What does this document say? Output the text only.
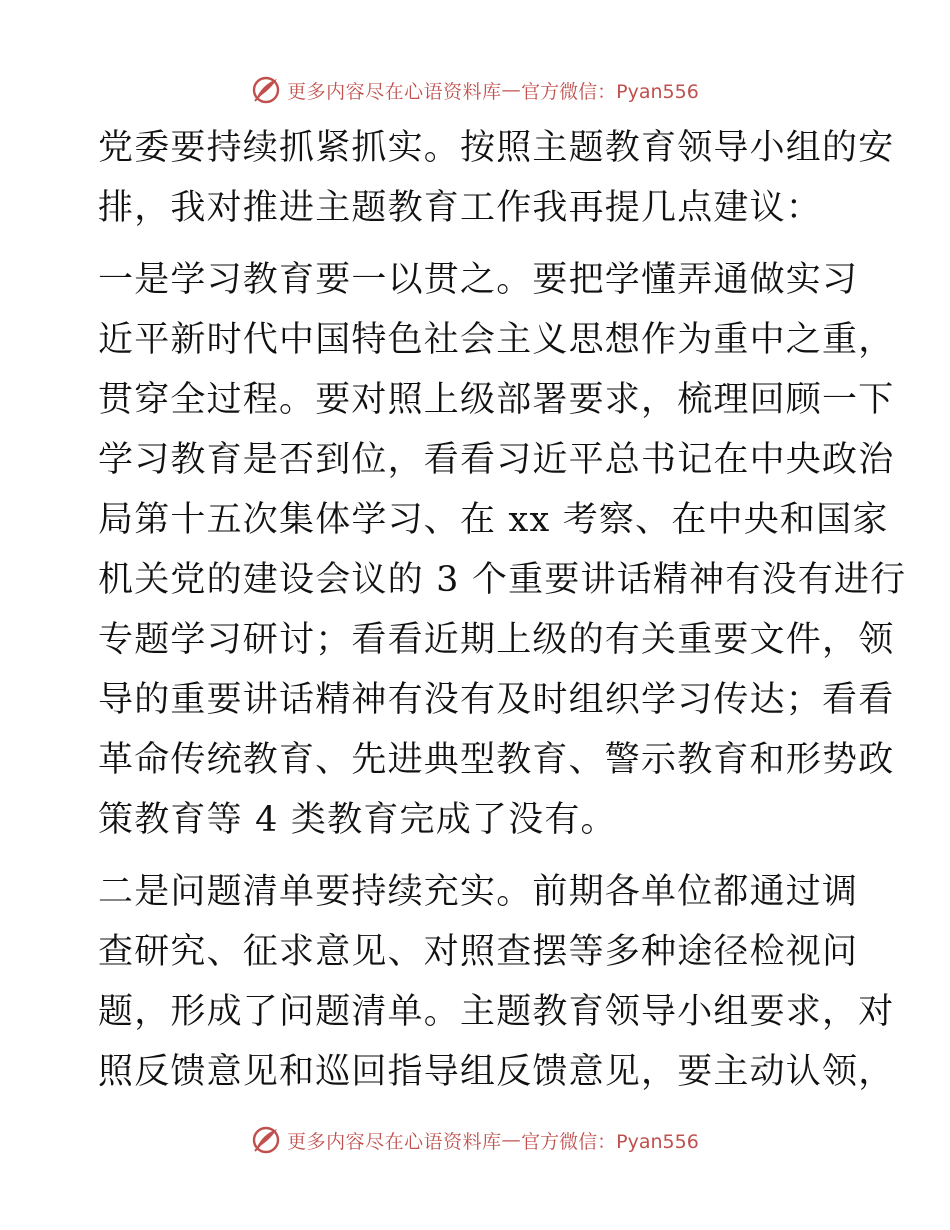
更多内容尽在心语资料库 — 官方微信：Pyan556
党委要持续抓紧抓实。按照主题教育领导小组的安
排，我对推进主题教育工作我再提几点建议：
一是学习教育要一以贯之。要把学懂弄通做实习
近平新时代中国特色社会主义思想作为重中之重，
贯穿全过程。要对照上级部署要求，梳理回顾一下
学习教育是否到位，看看习近平总书记在中央政治
局第十五次集体学习、在 xx 考察、在中央和国家
机关党的建设会议的 3 个重要讲话精神有没有进行
专题学习研讨；看看近期上级的有关重要文件，领
导的重要讲话精神有没有及时组织学习传达；看看
革命传统教育、先进典型教育、警示教育和形势政
策教育等 4 类教育完成了没有。
二是问题清单要持续充实。前期各单位都通过调
查研究、征求意见、对照查摆等多种途径检视问
题，形成了问题清单。主题教育领导小组要求，对
照反馈意见和巡回指导组反馈意见，要主动认领，
更多内容尽在心语资料库 — 官方微信：Pyan556
